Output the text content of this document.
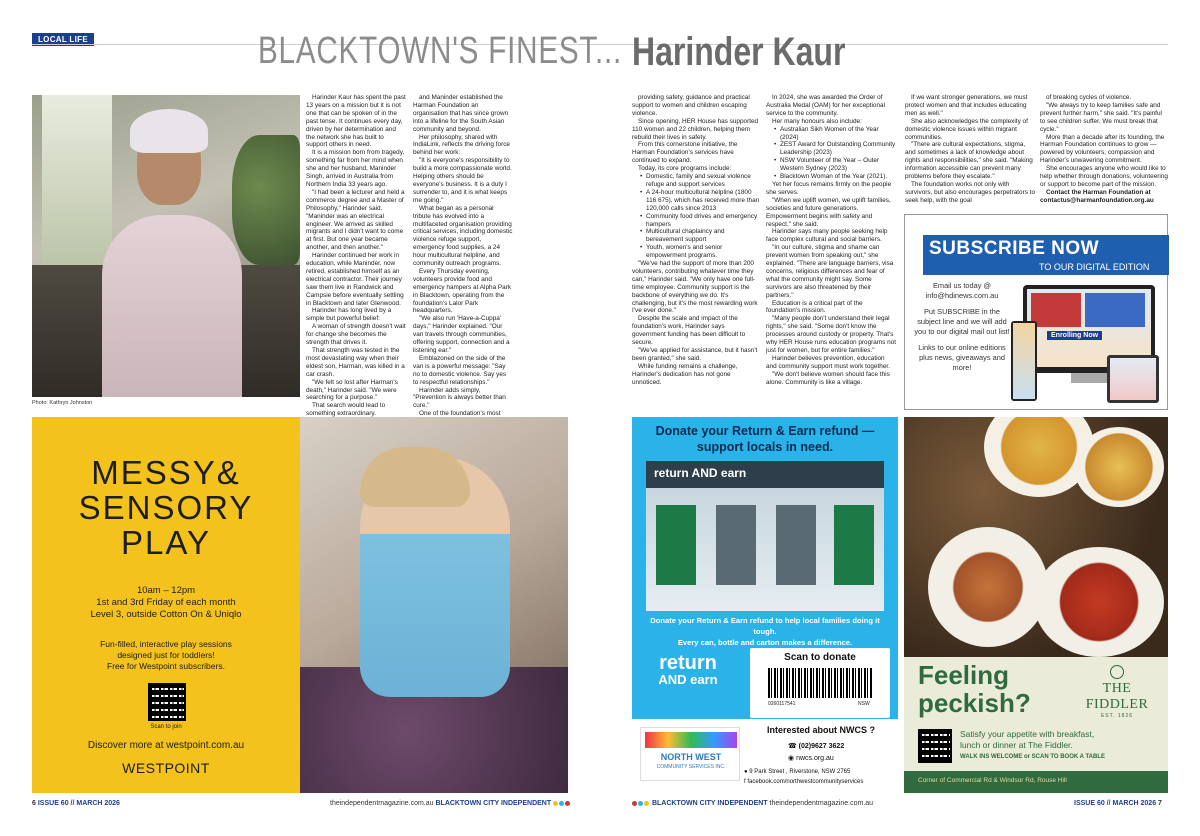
LOCAL LIFE	BLACKTOWN'S FINEST... Harinder Kaur
Photo: Kathryn Johnston

Harinder Kaur has spent the past 13 years on a mission but it is not one that can be spoken of in the past tense. It continues every day, driven by her determination and the network she has built to support others in need.

It is a mission born from tragedy, something far from her mind when she and her husband, Maninder Singh, arrived in Australia from Northern India 33 years ago.

"I had been a lecturer and held a commerce degree and a Master of Philosophy," Harinder said. "Maninder was an electrical engineer. We arrived as skilled migrants and I didn't want to come at first. But one year became another, and then another."

Harinder continued her work in education, while Maninder, now retired, established himself as an electrical contractor. Their journey saw them live in Randwick and Campsie before eventually settling in Blacktown and later Glenwood.

Harinder has long lived by a simple but powerful belief:

A woman of strength doesn't wait for change she becomes the strength that drives it.

That strength was tested in the most devastating way when their eldest son, Harman, was killed in a car crash.

"We felt so lost after Harman's death," Harinder said. "We were searching for a purpose."

That search would lead to something extraordinary.

and Maninder established the Harman Foundation an organisation that has since grown into a lifeline for the South Asian community and beyond.

Her philosophy, shared with IndiaLink, reflects the driving force behind her work:

"It is everyone's responsibility to build a more compassionate world. Helping others should be everyone's business. It is a duty I surrender to, and it is what keeps me going."

What began as a personal tribute has evolved into a multifaceted organisation providing critical services, including domestic violence refuge support, emergency food supplies, a 24 hour multicultural helpline, and community outreach programs.

Every Thursday evening, volunteers provide food and emergency hampers at Alpha Park in Blacktown, operating from the foundation's Lalor Park headquarters.

"We also run 'Have-a-Cuppa' days," Harinder explained. "Our van travels through communities, offering support, connection and a listening ear."

Emblazoned on the side of the van is a powerful message: "Say no to domestic violence. Say yes to respectful relationships."

Harinder adds simply, "Prevention is always better than cure."

One of the foundation's most

providing safety, guidance and practical support to women and children escaping violence.

Since opening, HER House has supported 110 women and 22 children, helping them rebuild their lives in safety.

From this cornerstone initiative, the Harman Foundation's services have continued to expand.

Today, its core programs include:

• Domestic, family and sexual violence refuge and support services
• A 24-hour multicultural helpline (1800 116 675), which has received more than 120,000 calls since 2013
• Community food drives and emergency hampers
• Multicultural chaplaincy and bereavement support
• Youth, women's and senior empowerment programs.

"We've had the support of more than 200 volunteers, contributing whatever time they can," Harinder said. "We only have one full-time employee. Community support is the backbone of everything we do. It's challenging, but it's the most rewarding work I've ever done."

Despite the scale and impact of the foundation's work, Harinder says government funding has been difficult to secure.

"We've applied for assistance, but it hasn't been granted," she said.

While funding remains a challenge, Harinder's dedication has not gone unnoticed.

In 2024, she was awarded the Order of Australia Medal (OAM) for her exceptional service to the community.

Her many honours also include:

• Australian Sikh Women of the Year (2024)
• ZEST Award for Outstanding Community Leadership (2023)
• NSW Volunteer of the Year – Outer Western Sydney (2023)
• Blacktown Woman of the Year (2021).

Yet her focus remains firmly on the people she serves.

"When we uplift women, we uplift families, societies and future generations. Empowerment begins with safety and respect," she said.

Harinder says many people seeking help face complex cultural and social barriers.

"In our culture, stigma and shame can prevent women from speaking out," she explained. "There are language barriers, visa concerns, religious differences and fear of what the community might say. Some survivors are also threatened by their partners."

Education is a critical part of the foundation's mission.

"Many people don't understand their legal rights," she said. "Some don't know the processes around custody or property. That's why HER House runs education programs not just for women, but for entire families."

Harinder believes prevention, education and community support must work together.

"We don't believe women should face this alone. Community is like a village.

If we want stronger generations, we must protect women and that includes educating men as well."

She also acknowledges the complexity of domestic violence issues within migrant communities.

"There are cultural expectations, stigma, and sometimes a lack of knowledge about rights and responsibilities," she said. "Making information accessible can prevent many problems before they escalate."

The foundation works not only with survivors, but also encourages perpetrators to seek help, with the goal

of breaking cycles of violence.

"We always try to keep families safe and prevent further harm," she said. "It's painful to see children suffer. We must break that cycle."

More than a decade after its founding, the Harman Foundation continues to grow — powered by volunteers, compassion and Harinder's unwavering commitment.

She encourages anyone who would like to help whether through donations, volunteering or support to become part of the mission.

Contact the Harman Foundation at
contactus@harmanfoundation.org.au

SUBSCRIBE NOW
TO OUR DIGITAL EDITION
Email us today @
info@hdinews.com.au
Put SUBSCRIBE in the subject line and we will add you to our digital mail out list!
Links to our online editions plus news, giveaways and more!
Enrolling Now
MESSY&
SENSORY
PLAY
10am – 12pm
1st and 3rd Friday of each month
Level 3, outside Cotton On & Uniqlo
Fun-filled, interactive play sessions
designed just for toddlers!
Free for Westpoint subscribers.
Scan to join
Discover more at westpoint.com.au
WESTPOINT
Donate your Return & Earn refund — support locals in need.
return AND earn
Donate your Return & Earn refund to help local families doing it tough.
Every can, bottle and carton makes a difference.
return
AND earn
Scan to donate
0260117541	NSW
NORTH WEST
COMMUNITY SERVICES INC.
Interested about NWCS ?
☎ (02)9627 3622
◉ nwcs.org.au
● 9 Park Street , Riverstone, NSW 2765
f facebook.com/northwestcommunityservices
Feeling peckish?	THE FIDDLER
EST. 1826
Satisfy your appetite with breakfast,
lunch or dinner at The Fiddler.
WALK INS WELCOME or SCAN TO BOOK A TABLE
Corner of Commercial Rd & Windsor Rd, Rouse Hill
6 ISSUE 60 // MARCH 2026	theindependentmagazine.com.au BLACKTOWN CITY INDEPENDENT	BLACKTOWN CITY INDEPENDENT theindependentmagazine.com.au	ISSUE 60 // MARCH 2026 7
